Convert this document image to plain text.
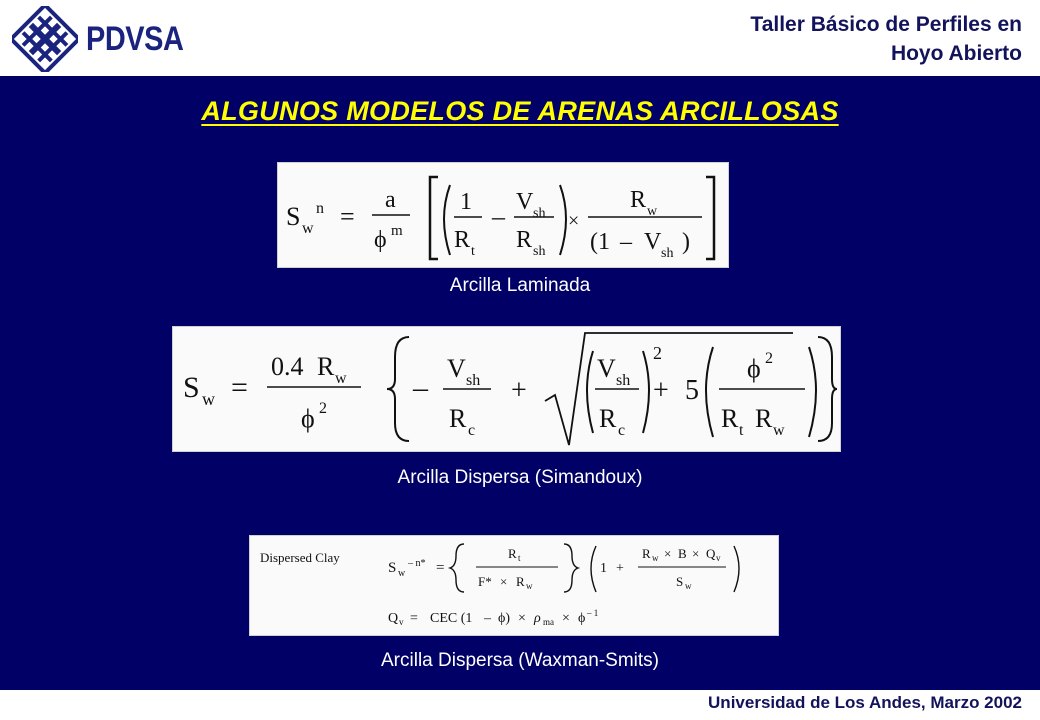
PDVSA	Taller Básico de Perfiles en
Hoyo Abierto
ALGUNOS MODELOS DE ARENAS ARCILLOSAS
S w
n =
a
ϕ m
1
R t
– V sh
R sh
×
R w
(1 – V sh )
Arcilla Laminada
S w =
0.4 R w
ϕ 2
–
V sh
R c
+
V sh
R c
2
+ 5
ϕ 2
R t R w
Arcilla Dispersa (Simandoux)
Dispersed Clay
S w
– n* =
R t
F* × R w
1 +
R w × B × Q v
S w
Q v = CEC (1 – ϕ) × ρ ma × ϕ – 1
Arcilla Dispersa (Waxman-Smits)
Universidad de Los Andes, Marzo 2002
